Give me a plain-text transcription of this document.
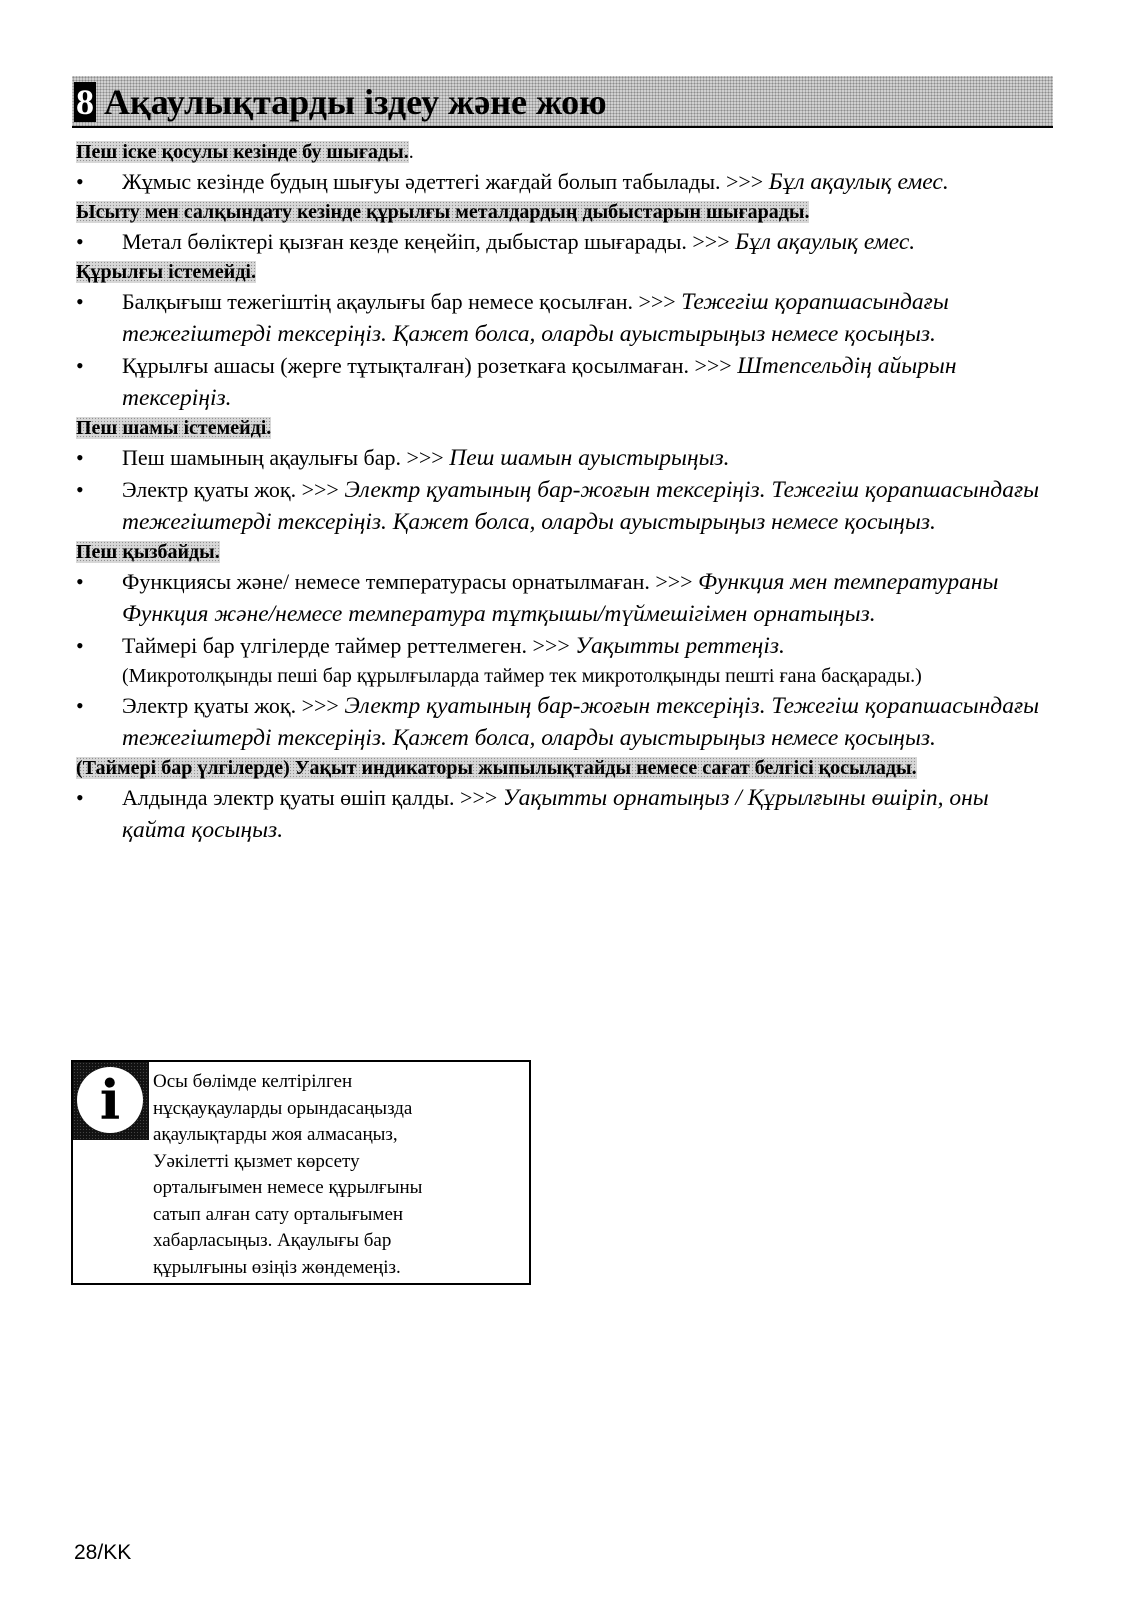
8 Ақаулықтарды іздеу және жою
Пеш іске қосулы кезінде бу шығады..
• Жұмыс кезінде будың шығуы әдеттегі жағдай болып табылады. >>> Бұл ақаулық емес.
Ысыту мен салқындату кезінде құрылғы металдардың дыбыстарын шығарады.
• Метал бөліктері қызған кезде кеңейіп, дыбыстар шығарады. >>> Бұл ақаулық емес.
Құрылғы істемейді.
• Балқығыш тежегіштің ақаулығы бар немесе қосылған. >>> Тежегіш қорапшасындағы тежегіштерді тексеріңіз. Қажет болса, оларды ауыстырыңыз немесе қосыңыз.
• Құрылғы ашасы (жерге тұтықталған) розеткаға қосылмаған. >>> Штепсельдің айырын тексеріңіз.
Пеш шамы істемейді.
• Пеш шамының ақаулығы бар. >>> Пеш шамын ауыстырыңыз.
• Электр қуаты жоқ. >>> Электр қуатының бар-жоғын тексеріңіз. Тежегіш қорапшасындағы тежегіштерді тексеріңіз. Қажет болса, оларды ауыстырыңыз немесе қосыңыз.
Пеш қызбайды.
• Функциясы және/ немесе температурасы орнатылмаған. >>> Функция мен температураны Функция және/немесе температура тұтқышы/түймешігімен орнатыңыз.
• Таймері бар үлгілерде таймер реттелмеген. >>> Уақытты реттеңіз.
(Микротолқынды пеші бар құрылғыларда таймер тек микротолқынды пешті ғана басқарады.)
• Электр қуаты жоқ. >>> Электр қуатының бар-жоғын тексеріңіз. Тежегіш қорапшасындағы тежегіштерді тексеріңіз. Қажет болса, оларды ауыстырыңыз немесе қосыңыз.
(Таймері бар үлгілерде) Уақыт индикаторы жыпылықтайды немесе сағат белгісі қосылады.
• Алдында электр қуаты өшіп қалды. >>> Уақытты орнатыңыз / Құрылғыны өшіріп, оны қайта қосыңыз.
i	Осы бөлімде келтірілген
нұсқауқауларды орындасаңызда
ақаулықтарды жоя алмасаңыз,
Уәкілетті қызмет көрсету
орталығымен немесе құрылғыны
сатып алған сату орталығымен
хабарласыңыз. Ақаулығы бар
құрылғыны өзіңіз жөндемеңіз.
28/KK
